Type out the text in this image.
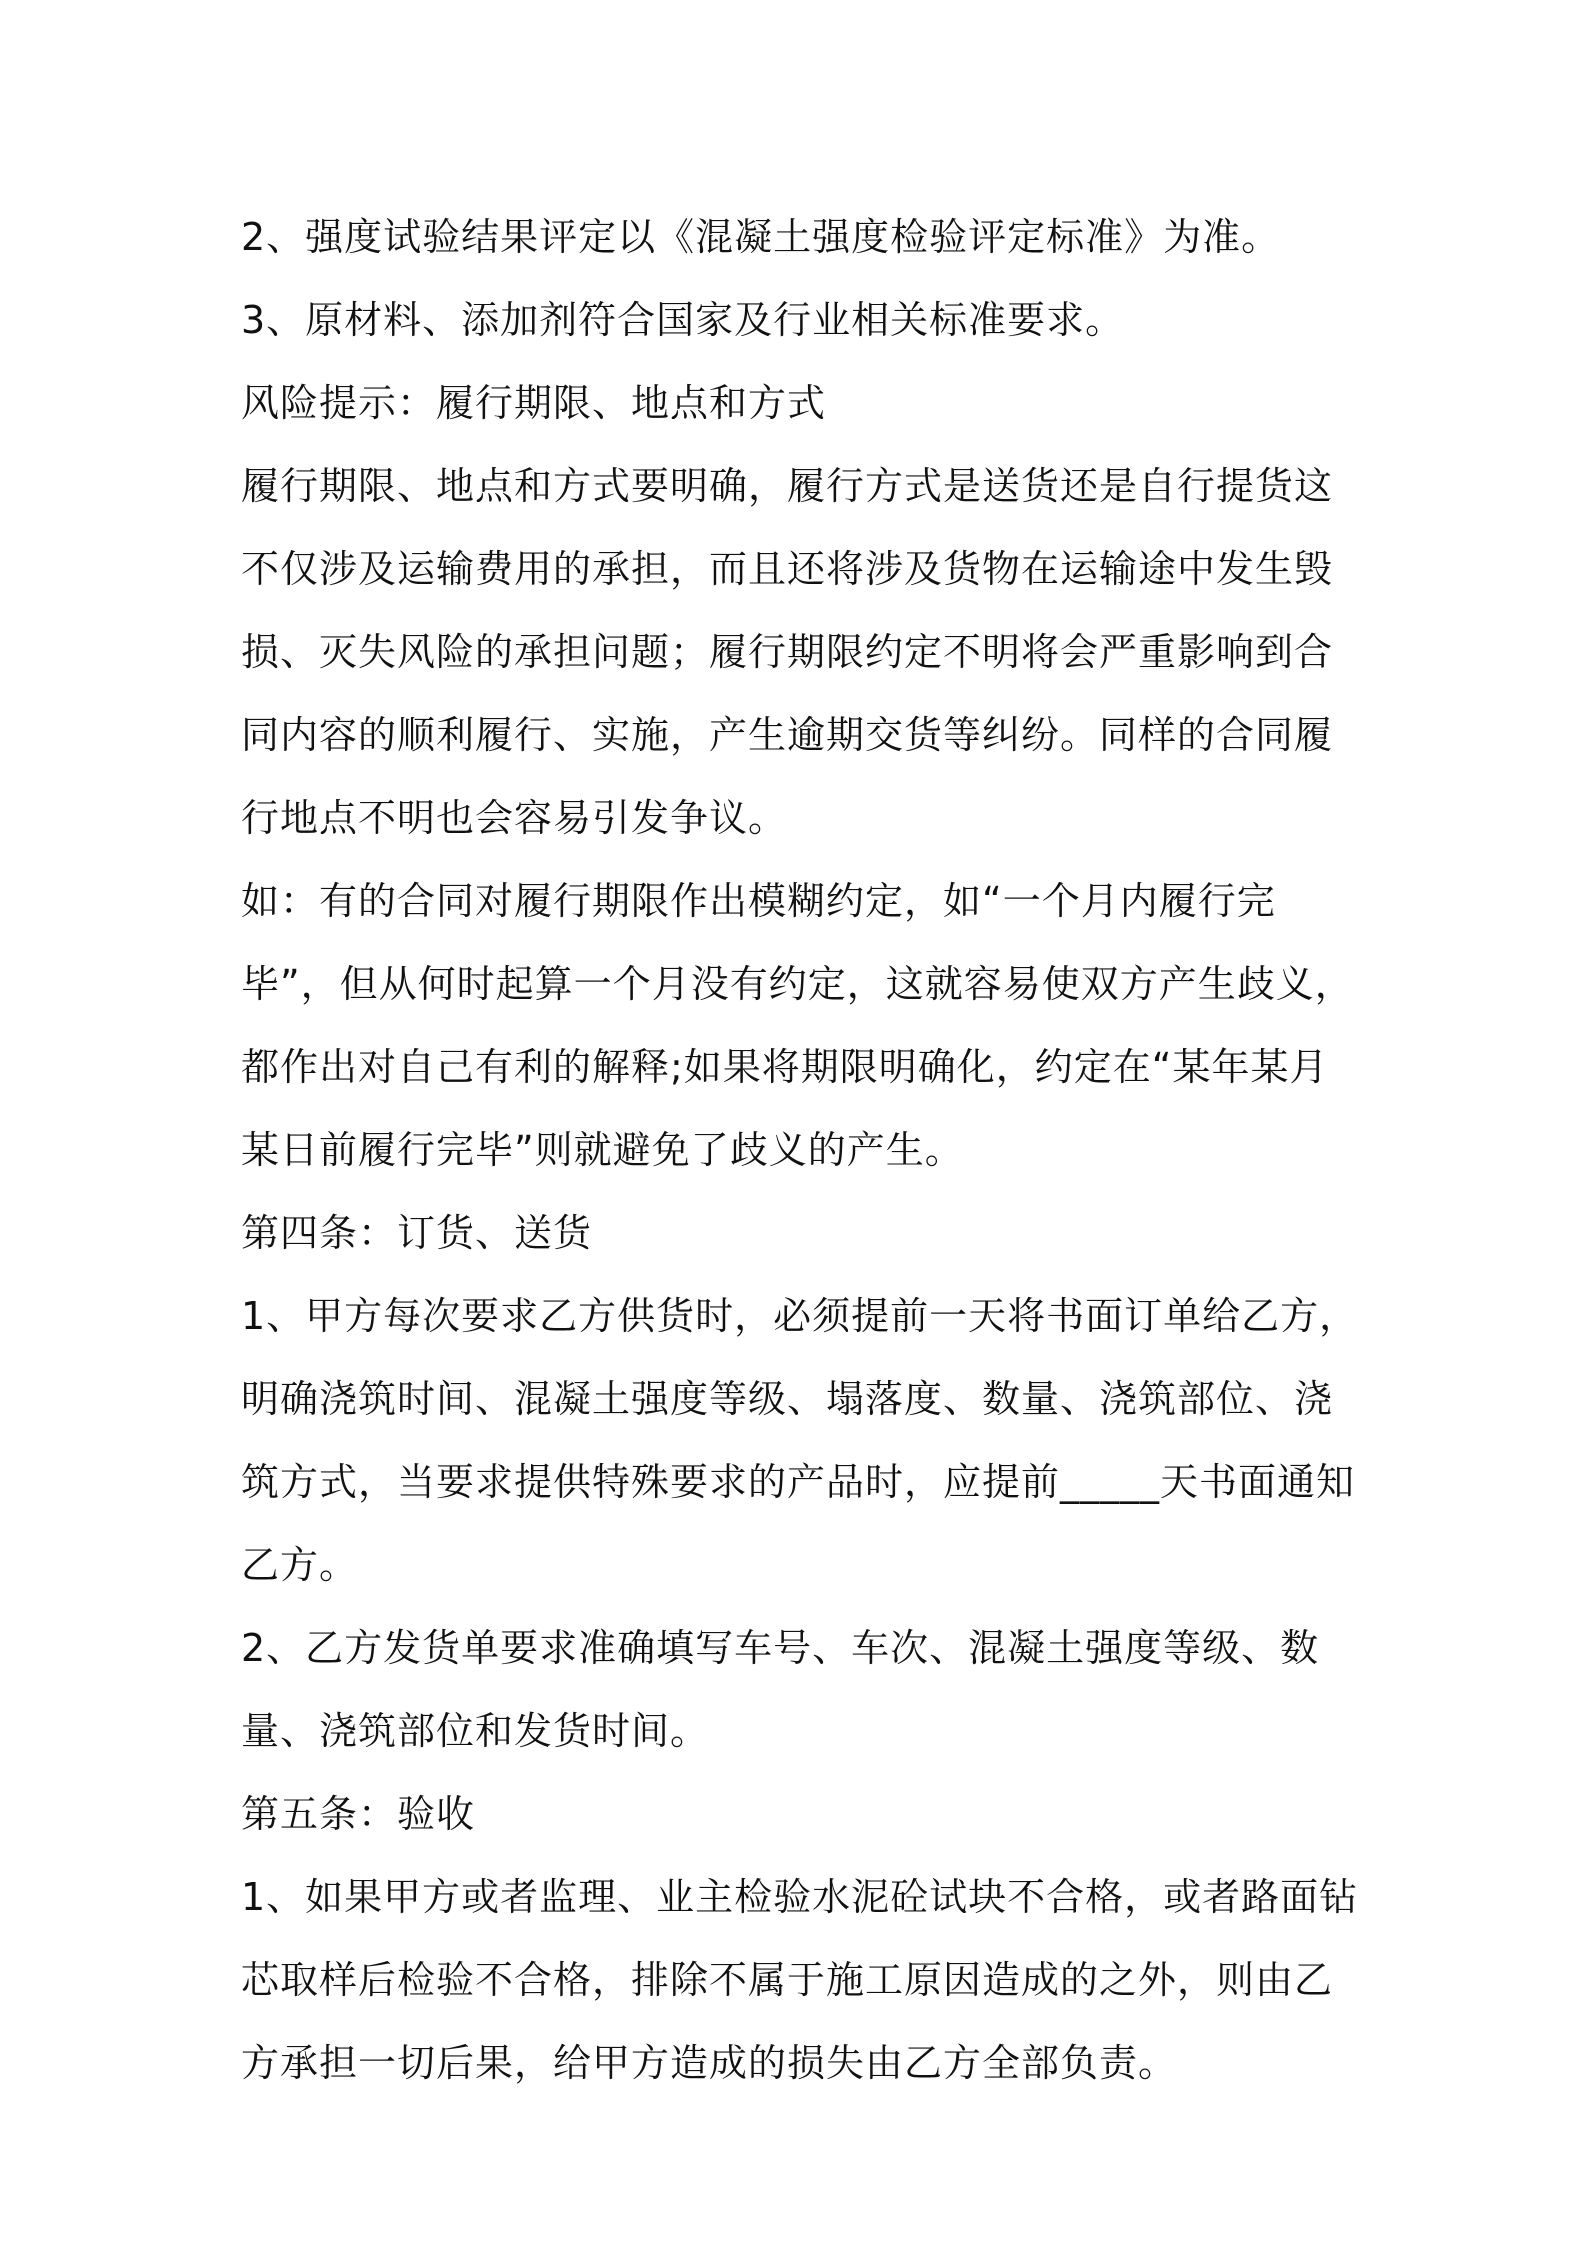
2、强度试验结果评定以《混凝土强度检验评定标准》为准。

3、原材料、添加剂符合国家及行业相关标准要求。

风险提示：履行期限、地点和方式

履行期限、地点和方式要明确，履行方式是送货还是自行提货这不仅涉及运输费用的承担，而且还将涉及货物在运输途中发生毁损、灭失风险的承担问题；履行期限约定不明将会严重影响到合同内容的顺利履行、实施，产生逾期交货等纠纷。同样的合同履行地点不明也会容易引发争议。

如：有的合同对履行期限作出模糊约定，如“一个月内履行完毕”，但从何时起算一个月没有约定，这就容易使双方产生歧义，都作出对自己有利的解释;如果将期限明确化，约定在“某年某月某日前履行完毕”则就避免了歧义的产生。

第四条：订货、送货

1、甲方每次要求乙方供货时，必须提前一天将书面订单给乙方，明确浇筑时间、混凝土强度等级、塌落度、数量、浇筑部位、浇筑方式，当要求提供特殊要求的产品时，应提前_____天书面通知乙方。

2、乙方发货单要求准确填写车号、车次、混凝土强度等级、数量、浇筑部位和发货时间。

第五条：验收

1、如果甲方或者监理、业主检验水泥砼试块不合格，或者路面钻芯取样后检验不合格，排除不属于施工原因造成的之外，则由乙方承担一切后果，给甲方造成的损失由乙方全部负责。
